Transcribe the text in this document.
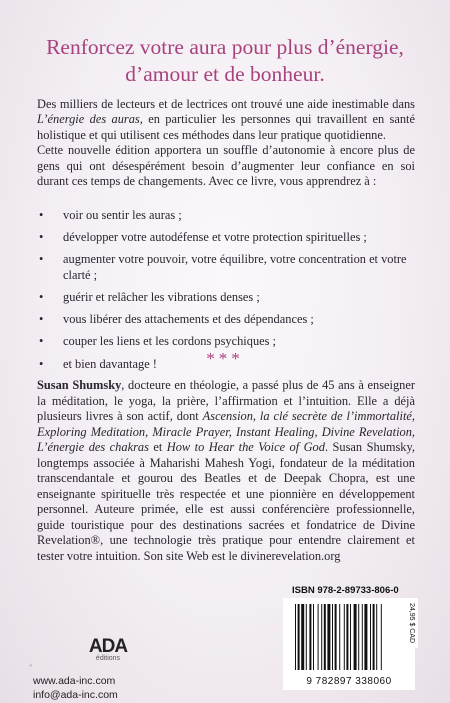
Renforcez votre aura pour plus d’énergie,
d’amour et de bonheur.
Des milliers de lecteurs et de lectrices ont trouvé une aide inestimable dans L’énergie des auras, en particulier les personnes qui travaillent en santé holistique et qui utilisent ces méthodes dans leur pratique quotidienne.
Cette nouvelle édition apportera un souffle d’autonomie à encore plus de gens qui ont désespérément besoin d’augmenter leur confiance en soi durant ces temps de changements. Avec ce livre, vous apprendrez à :
• voir ou sentir les auras ;
• développer votre autodéfense et votre protection spirituelles ;
• augmenter votre pouvoir, votre équilibre, votre concentration et votre clarté ;
• guérir et relâcher les vibrations denses ;
• vous libérer des attachements et des dépendances ;
• couper les liens et les cordons psychiques ;
• et bien davantage !	***
Susan Shumsky, docteure en théologie, a passé plus de 45 ans à enseigner la méditation, le yoga, la prière, l’affirmation et l’intuition. Elle a déjà plusieurs livres à son actif, dont Ascension, la clé secrète de l’immortalité, Exploring Meditation, Miracle Prayer, Instant Healing, Divine Revelation, L’énergie des chakras et How to Hear the Voice of God. Susan Shumsky, longtemps associée à Maharishi Mahesh Yogi, fondateur de la méditation transcendantale et gourou des Beatles et de Deepak Chopra, est une enseignante spirituelle très respectée et une pionnière en développement personnel. Auteure primée, elle est aussi conférencière professionnelle, guide touristique pour des destinations sacrées et fondatrice de Divine Revelation®, une technologie très pratique pour entendre clairement et tester votre intuition. Son site Web est le divinerevelation.org
ISBN 978-2-89733-806-0
9 782897 338060
24,95 $ CAD
‹‹
ADA
éditions
www.ada-inc.com
info@ada-inc.com
